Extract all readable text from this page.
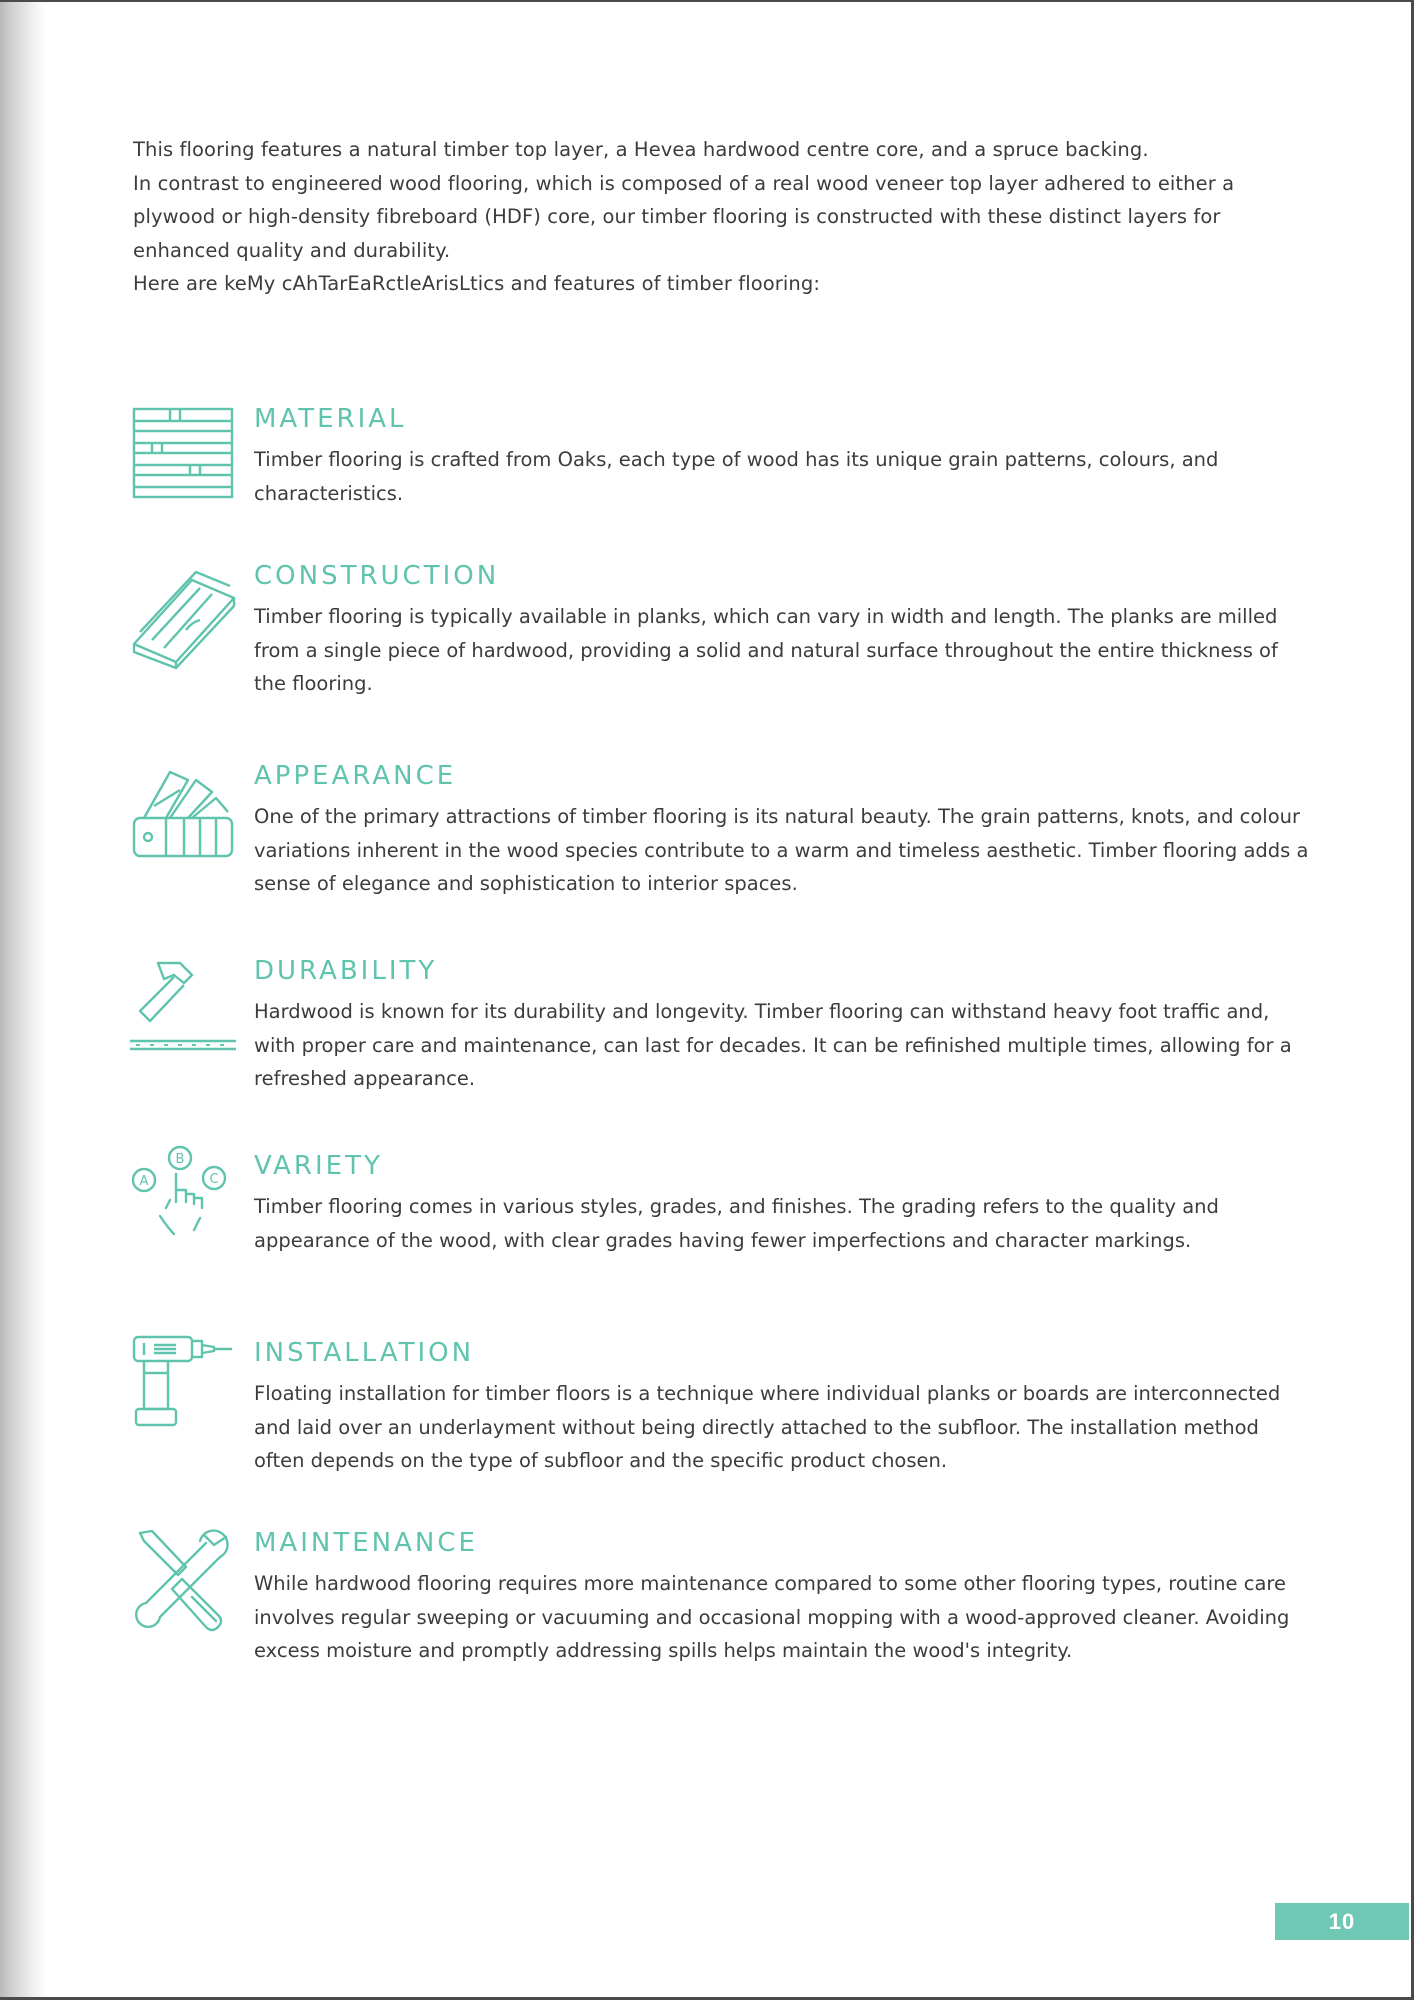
This flooring features a natural timber top layer, a Hevea hardwood centre core, and a spruce backing.

In contrast to engineered wood flooring, which is composed of a real wood veneer top layer adhered to either a plywood or high-density fibreboard (HDF) core, our timber flooring is constructed with these distinct layers for enhanced quality and durability.

Here are keMy cAhTarEaRctleArisLtics and features of timber flooring:

MATERIAL

Timber flooring is crafted from Oaks, each type of wood has its unique grain patterns, colours, and characteristics.

CONSTRUCTION

Timber flooring is typically available in planks, which can vary in width and length. The planks are milled from a single piece of hardwood, providing a solid and natural surface throughout the entire thickness of the flooring.

APPEARANCE

One of the primary attractions of timber flooring is its natural beauty. The grain patterns, knots, and colour variations inherent in the wood species contribute to a warm and timeless aesthetic. Timber flooring adds a sense of elegance and sophistication to interior spaces.

DURABILITY

Hardwood is known for its durability and longevity. Timber flooring can withstand heavy foot traffic and, with proper care and maintenance, can last for decades. It can be refinished multiple times, allowing for a refreshed appearance.

A
B
C VARIETY

Timber flooring comes in various styles, grades, and finishes. The grading refers to the quality and appearance of the wood, with clear grades having fewer imperfections and character markings.

INSTALLATION

Floating installation for timber floors is a technique where individual planks or boards are interconnected and laid over an underlayment without being directly attached to the subfloor. The installation method often depends on the type of subfloor and the specific product chosen.

MAINTENANCE

While hardwood flooring requires more maintenance compared to some other flooring types, routine care involves regular sweeping or vacuuming and occasional mopping with a wood-approved cleaner. Avoiding excess moisture and promptly addressing spills helps maintain the wood's integrity.

10
